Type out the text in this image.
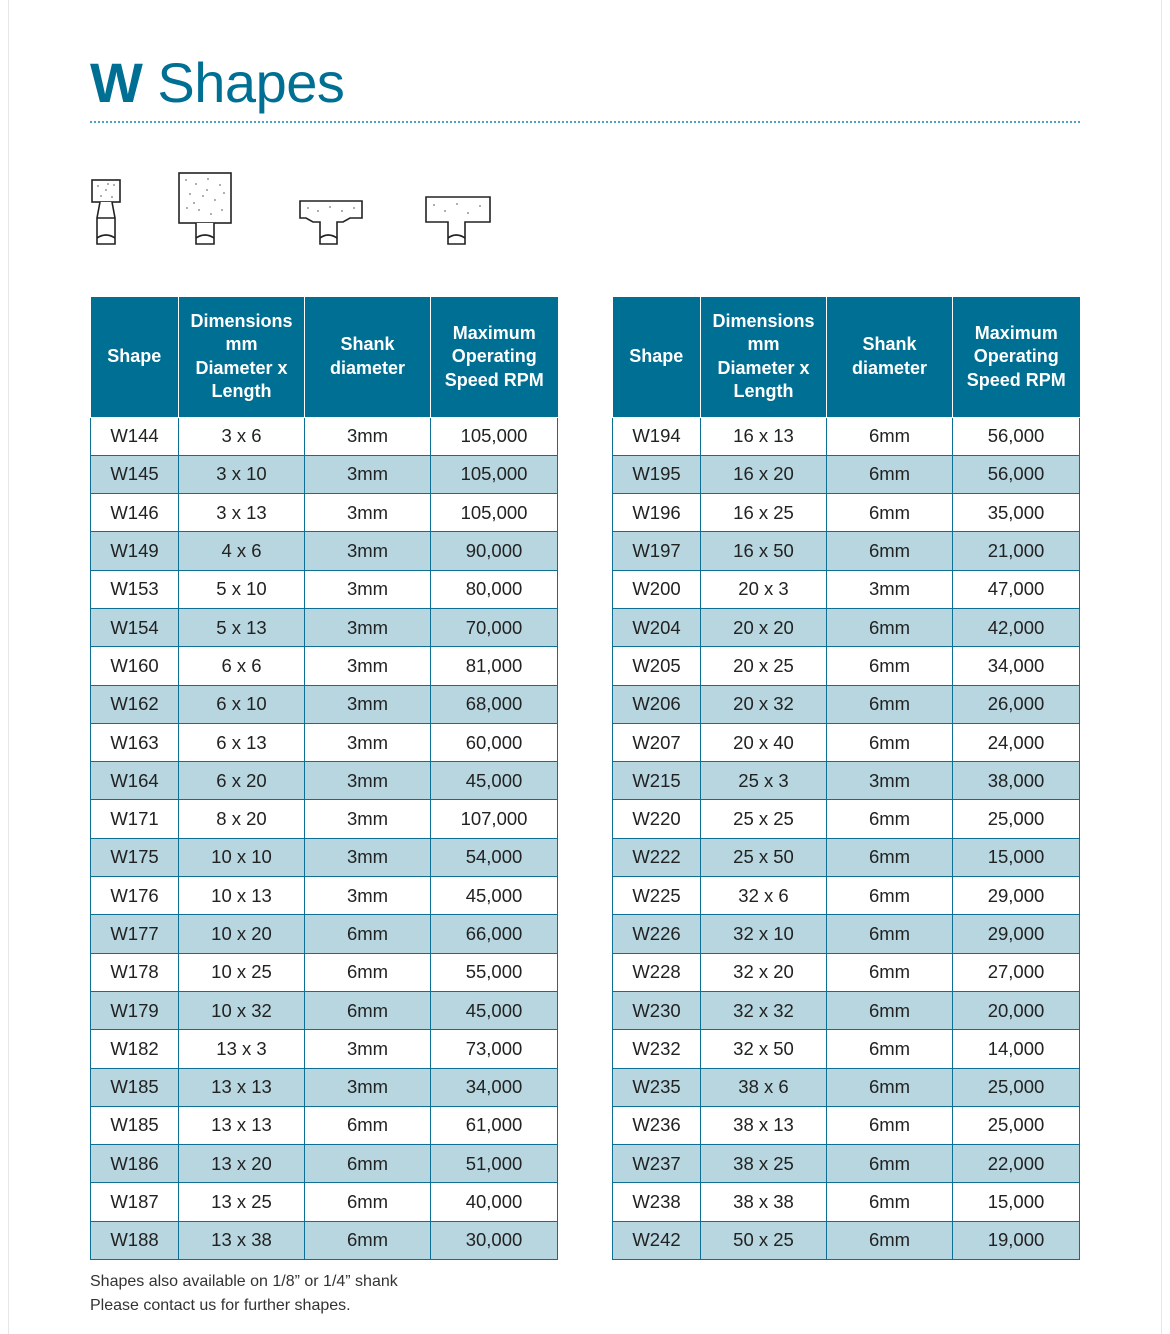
W Shapes
Shape	Dimensions
mm
Diameter x
Length	Shank
diameter	Maximum
Operating
Speed RPM
W144	3 x 6	3mm	105,000
W145	3 x 10	3mm	105,000
W146	3 x 13	3mm	105,000
W149	4 x 6	3mm	90,000
W153	5 x 10	3mm	80,000
W154	5 x 13	3mm	70,000
W160	6 x 6	3mm	81,000
W162	6 x 10	3mm	68,000
W163	6 x 13	3mm	60,000
W164	6 x 20	3mm	45,000
W171	8 x 20	3mm	107,000
W175	10 x 10	3mm	54,000
W176	10 x 13	3mm	45,000
W177	10 x 20	6mm	66,000
W178	10 x 25	6mm	55,000
W179	10 x 32	6mm	45,000
W182	13 x 3	3mm	73,000
W185	13 x 13	3mm	34,000
W185	13 x 13	6mm	61,000
W186	13 x 20	6mm	51,000
W187	13 x 25	6mm	40,000
W188	13 x 38	6mm	30,000
Shape	Dimensions
mm
Diameter x
Length	Shank
diameter	Maximum
Operating
Speed RPM
W194	16 x 13	6mm	56,000
W195	16 x 20	6mm	56,000
W196	16 x 25	6mm	35,000
W197	16 x 50	6mm	21,000
W200	20 x 3	3mm	47,000
W204	20 x 20	6mm	42,000
W205	20 x 25	6mm	34,000
W206	20 x 32	6mm	26,000
W207	20 x 40	6mm	24,000
W215	25 x 3	3mm	38,000
W220	25 x 25	6mm	25,000
W222	25 x 50	6mm	15,000
W225	32 x 6	6mm	29,000
W226	32 x 10	6mm	29,000
W228	32 x 20	6mm	27,000
W230	32 x 32	6mm	20,000
W232	32 x 50	6mm	14,000
W235	38 x 6	6mm	25,000
W236	38 x 13	6mm	25,000
W237	38 x 25	6mm	22,000
W238	38 x 38	6mm	15,000
W242	50 x 25	6mm	19,000
Shapes also available on 1/8” or 1/4” shank
Please contact us for further shapes.
